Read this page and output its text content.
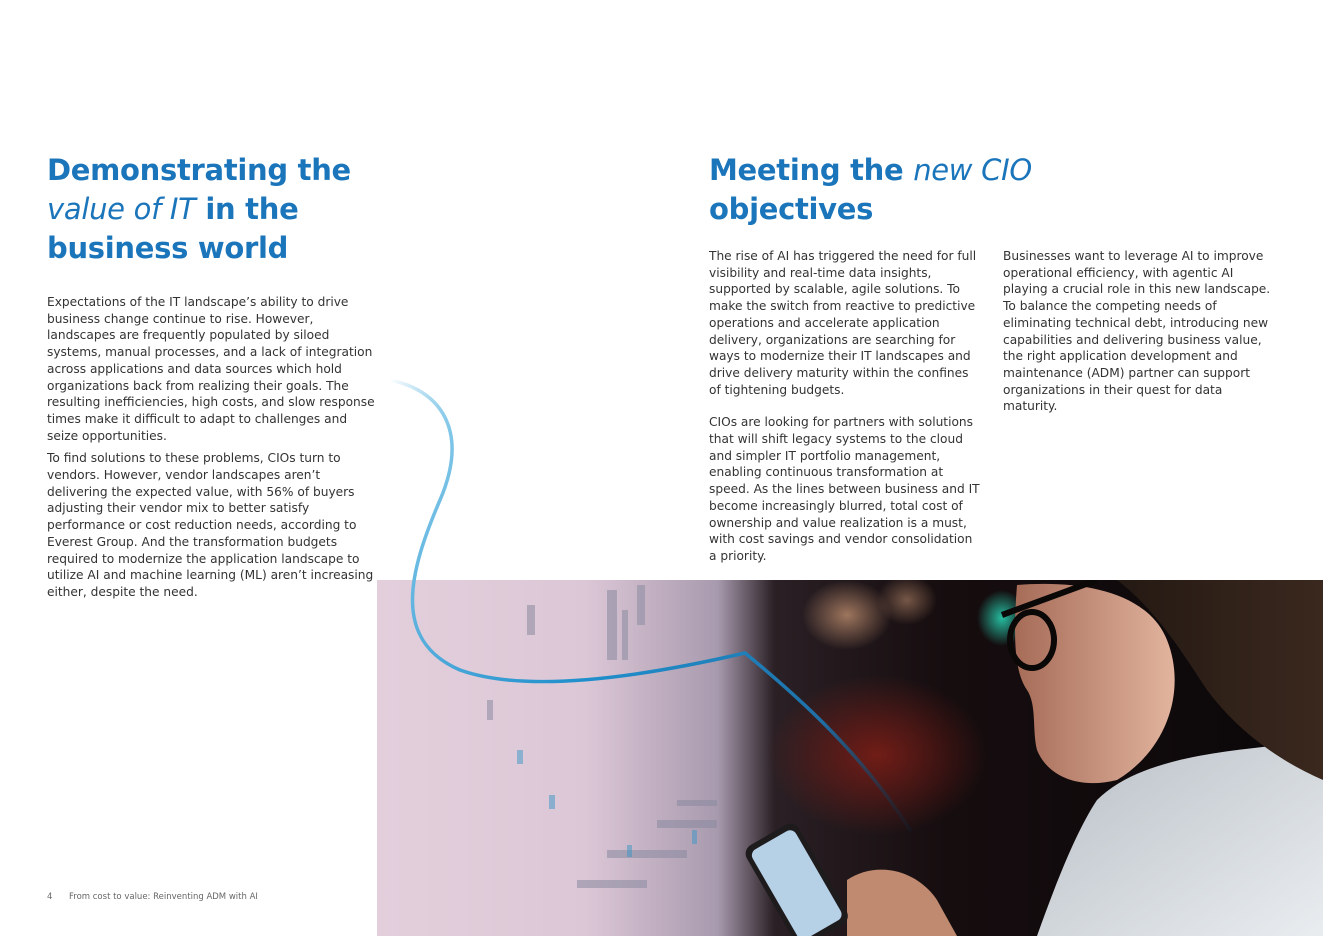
Demonstrating the
value of IT in the
business world

Expectations of the IT landscape’s ability to drive business change continue to rise. However, landscapes are frequently populated by siloed systems, manual processes, and a lack of integration across applications and data sources which hold organizations back from realizing their goals. The resulting inefficiencies, high costs, and slow response times make it difficult to adapt to challenges and seize opportunities.

To find solutions to these problems, CIOs turn to vendors. However, vendor landscapes aren’t delivering the expected value, with 56% of buyers adjusting their vendor mix to better satisfy performance or cost reduction needs, according to Everest Group. And the transformation budgets required to modernize the application landscape to utilize AI and machine learning (ML) aren’t increasing either, despite the need.

Meeting the new CIO
objectives

The rise of AI has triggered the need for full visibility and real-time data insights, supported by scalable, agile solutions. To make the switch from reactive to predictive operations and accelerate application delivery, organizations are searching for ways to modernize their IT landscapes and drive delivery maturity within the confines of tightening budgets.

CIOs are looking for partners with solutions that will shift legacy systems to the cloud and simpler IT portfolio management, enabling continuous transformation at speed. As the lines between business and IT become increasingly blurred, total cost of ownership and value realization is a must, with cost savings and vendor consolidation a priority.

Businesses want to leverage AI to improve operational efficiency, with agentic AI playing a crucial role in this new landscape. To balance the competing needs of eliminating technical debt, introducing new capabilities and delivering business value, the right application development and maintenance (ADM) partner can support organizations in their quest for data maturity.

4 From cost to value: Reinventing ADM with AI
